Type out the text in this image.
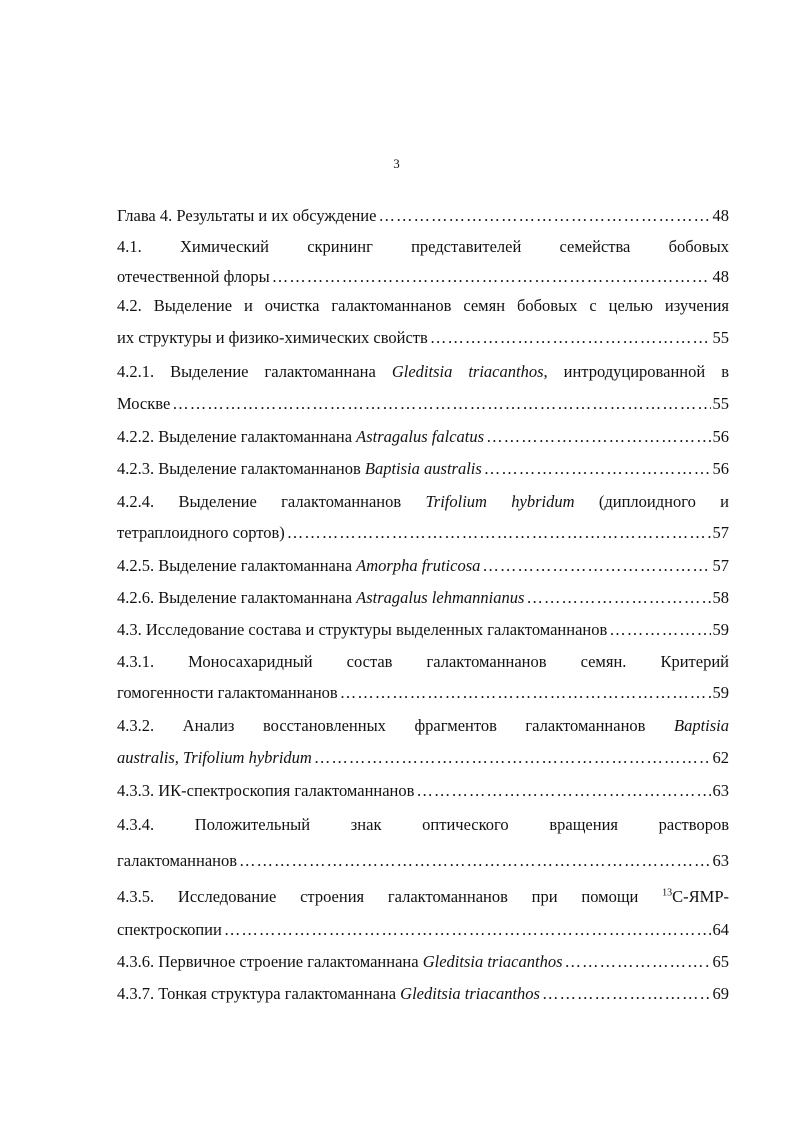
3
Глава 4. Результаты и их обсуждение ……………………………………………………………………………………………………………………………………………………………………	48
4.1. Химический скрининг представителей семейства бобовых
отечественной флоры ……………………………………………………………………………………………………………………………………………………………………	48
4.2. Выделение и очистка галактоманнанов семян бобовых с целью изучения
их структуры и физико-химических свойств ……………………………………………………………………………………………………………………………………………………………………	55
4.2.1. Выделение галактоманнана Gleditsia triacanthos, интродуцированной в
Москве ……………………………………………………………………………………………………………………………………………………………………	55
4.2.2. Выделение галактоманнана Astragalus falcatus ……………………………………………………………………………………………………………………………………………………………………	56
4.2.3. Выделение галактоманнанов Baptisia australis ……………………………………………………………………………………………………………………………………………………………………	56
4.2.4. Выделение галактоманнанов Trifolium hybridum (диплоидного и
тетраплоидного сортов) ……………………………………………………………………………………………………………………………………………………………………	57
4.2.5. Выделение галактоманнана Amorpha fruticosa ……………………………………………………………………………………………………………………………………………………………………	57
4.2.6. Выделение галактоманнана Astragalus lehmannianus ……………………………………………………………………………………………………………………………………………………………………	58
4.3. Исследование состава и структуры выделенных галактоманнанов ……………………………………………………………………………………………………………………………………………………………………	59
4.3.1. Моносахаридный состав галактоманнанов семян. Критерий
гомогенности галактоманнанов ……………………………………………………………………………………………………………………………………………………………………	59
4.3.2. Анализ восстановленных фрагментов галактоманнанов Baptisia
australis, Trifolium hybridum ……………………………………………………………………………………………………………………………………………………………………	62
4.3.3. ИК-спектроскопия галактоманнанов ……………………………………………………………………………………………………………………………………………………………………	63
4.3.4. Положительный знак оптического вращения растворов
галактоманнанов ……………………………………………………………………………………………………………………………………………………………………	63
4.3.5. Исследование строения галактоманнанов при помощи $^{13}$С-ЯМР-
спектроскопии ……………………………………………………………………………………………………………………………………………………………………	64
4.3.6. Первичное строение галактоманнана Gleditsia triacanthos ……………………………………………………………………………………………………………………………………………………………………	65
4.3.7. Тонкая структура галактоманнана Gleditsia triacanthos ……………………………………………………………………………………………………………………………………………………………………	69
